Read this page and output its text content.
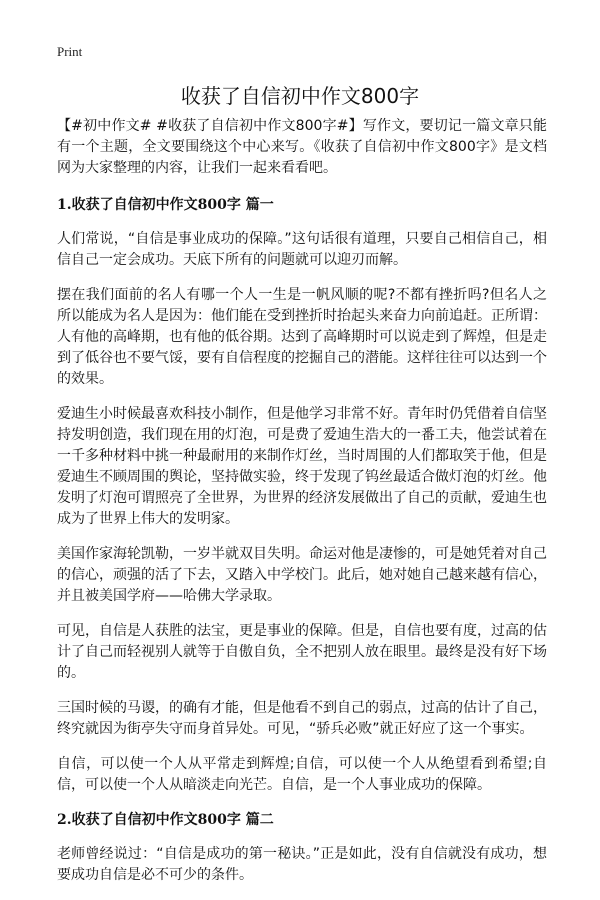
Print
收获了自信初中作文800字

【#初中作文# #收获了自信初中作文800字#】写作文，要切记一篇文章只能有一个主题，全文要围绕这个中心来写。《收获了自信初中作文800字》是文档网为大家整理的内容，让我们一起来看看吧。

1.收获了自信初中作文800字 篇一

人们常说，“自信是事业成功的保障。”这句话很有道理，只要自己相信自己，相信自己一定会成功。天底下所有的问题就可以迎刃而解。

摆在我们面前的名人有哪一个人一生是一帆风顺的呢?不都有挫折吗?但名人之所以能成为名人是因为：他们能在受到挫折时抬起头来奋力向前追赶。正所谓：人有他的高峰期，也有他的低谷期。达到了高峰期时可以说走到了辉煌，但是走到了低谷也不要气馁，要有自信程度的挖掘自己的潜能。这样往往可以达到一个的效果。

爱迪生小时候最喜欢科技小制作，但是他学习非常不好。青年时仍凭借着自信坚持发明创造，我们现在用的灯泡，可是费了爱迪生浩大的一番工夫，他尝试着在一千多种材料中挑一种最耐用的来制作灯丝，当时周围的人们都取笑于他，但是爱迪生不顾周围的舆论，坚持做实验，终于发现了钨丝最适合做灯泡的灯丝。他发明了灯泡可谓照亮了全世界，为世界的经济发展做出了自己的贡献，爱迪生也成为了世界上伟大的发明家。

美国作家海轮凯勒，一岁半就双目失明。命运对他是凄惨的，可是她凭着对自己的信心，顽强的活了下去，又踏入中学校门。此后，她对她自己越来越有信心，并且被美国学府——哈佛大学录取。

可见，自信是人获胜的法宝，更是事业的保障。但是，自信也要有度，过高的估计了自己而轻视别人就等于自傲自负，全不把别人放在眼里。最终是没有好下场的。

三国时候的马谡，的确有才能，但是他看不到自己的弱点，过高的估计了自己，终究就因为街亭失守而身首异处。可见，“骄兵必败”就正好应了这一个事实。

自信，可以使一个人从平常走到辉煌;自信，可以使一个人从绝望看到希望;自信，可以使一个人从暗淡走向光芒。自信，是一个人事业成功的保障。

2.收获了自信初中作文800字 篇二

老师曾经说过：“自信是成功的第一秘诀。”正是如此，没有自信就没有成功，想要成功自信是必不可少的条件。
